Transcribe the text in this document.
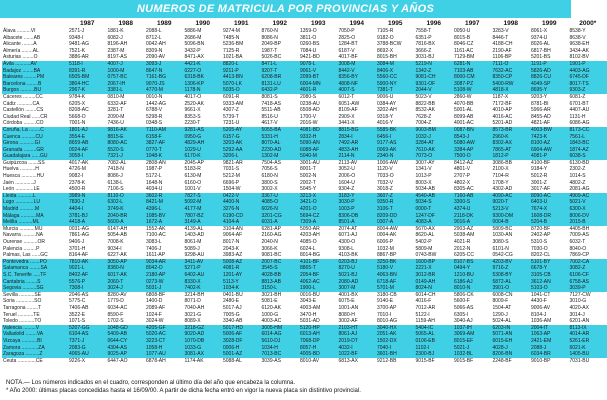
NUMEROS DE MATRICULA POR PROVINCIAS Y AÑOS
	1987	1988	1989	1990	1991	1992	1993	1994	1995	1996	1997	1998	1999	2000*
Álava ..........VI	2571-J	1881-K	2088-L	5886-M	9274-M	8760-N	1359-O	7050-P	7105-R	7558-T	0050-U	3283-V	8061-X	8538-Y
Albacete .......AB	9348-I	6082-J	8712-L	2686-M	7485-N	8086-N	3811-O	2825-O	9182-O	6351-P	8015-B	8446-T	9374-U	8638-V
Alicante ........A	9481-AG	8196-AH	0042-AH	5096-BN	5236-BM	2049-BP	0260-BS	1284-BT	3788-BCW	7816-BX	8046-CZ	4188-CH	8026-AL	9638-EH
Almería ........AL	7521-K	2387-M	8309-N	3432-P	7125-R	1987-T	7084-U	6187-V	8692-X	3666-Z	1161-AC	2190-AF	6817-BH	3434-AK
Asturias ........O	3886-AR	8197-AS	2090-AV	8471-AX	1021-BA	5026-BC	9421-BD	4017-BF	8015-BH	3031-BJ	7129-BM	1106-BP	5201-BS	8102-BV
Ávila ...........AV	5118-I	4007-J	3093-J	4421-K	8820-L	8471-L	9078-L	3008-M	3084-M	5219-N	6281-N	7111-O	1191-P	1901-P
Badajoz ........BA	8391-R	1000-M	8647-N	0227-O	9211-P	9207-T	9061-V	8442-V	8406-X	1342-Z	7103-AB	7632-AC	5826-AD	4403-AG
Baleares .........PM	6505-BM	0757-BC	7161-BG	6318-BK	4413-BN	6208-BR	2099-BT	8356-BY	5560-CC	9081-CH	8000-CM	8350-CP	8826-CU	6745-DF
Barcelona ........B	3804-HC	2067-IH	9070-JS	1306-KP	5070-LK	8131-LU	6004-MN	4808-NF	5900-NY	9301-OF	3087-PZ	5400-RW	4049-SP	8017-TS
Burgos ..........BU	2967-K	3381-L	4770-M	1178-N	5035-O	6432-P	4601-R	4007-S	7381-T	2044-V	5108-W	4818-X	8695-Y	9303-Z
Cáceres .........CC	9784-K	0810-M	0010-N	4017-O	6091-R	8081-S	2080-S	6012-T	9006-U	5023-V	2860-W	1187-X	9203-Y	6081-Z
Cádiz ...........CA	6205-X	6332-AF	1442-AG	2520-AK	9333-AM	7418-AS	0238-AU	6051-AW	0384-AY	8822-BB	4070-BB	7172-BF	8781-BI	6701-BT
Castellón ........CS	8208-AC	3281-T	6788-V	9661-X	4307-Z	5511-AB	6508-AD	8109-AF	3202-AH	8532-AK	5001-AL	4010-AP	5966-AR	4407-AU
Ciudad Real ......CR	5668-O	2090-M	5298-R	8353-S	5739-T	8516-U	1700-V	2909-X	9318-Y	7628-Z	8099-AB	4016-AC	8455-AD	1131-H
Córdoba .........CO	7001-N	7436-U	0348-S	2230-T	7231-U	4617-V	2016-W	3441-X	4016-Y	7004-Z	4001-AC	5201-AD	4821-AF	6086-AG
Coruña, La ........C	1801-AJ	9816-AK	7110-AM	9281-AS	5205-AY	5055-BA	4081-BD	8815-BG	5585-BK	9003-BM	0087-BN	8573-BR	4003-BW	8173-CC
Cuenca ..........CU	3554-E	8815-E	6158-F	0950-G	6157-G	5331-H	9332-H	2834-I	6456-I	1032-J	8543-J	2960-K	7423-K	7561-L
Girona ...........GI	8659-AB	8080-AC	3827-AF	4829-AH	3203-AK	8070-AL	5090-AN	7492-AR	9177-AS	3284-AT	5080-AW	8302-AX	8100-AZ	1843-BC
Granada .........GR	0024-AF	5520-S	0770-T	1029-U	5292-AA	2230-AD	6088-AF	4833-AH	0069-AK	7610-AK	3384-AP	7865-AT	6904-AW	1874-AZ
Guadalajara ......GU	3058-I	7321-J	1048-K	6170-K	3206-L	1302-M	5040-M	2114-N	2340-N	7073-O	7500-O	1812-P	4081-P	6038-S
Guipúzcoa .......SS	4017-AK	7082-AL	2808-AN	2045-AP	9821-AR	7504-AS	3001-AU	2113-AV	1006-AW	3007-AY	8412-AZ	3086-BB	4100-BF	6130-BD
Huelva ...........H	4726-M	7418-N	1987-P	5183-R	7031-S	7056-S	8001-T	3052-U	1120-V	1341-V	4801-V	2100-X	9184-Y	2302-Z
Huesca ...........HU	9082-I	8086-J	5172-L	6130-M	5212-M	6180-N	5002-N	2006-O	7033-O	1013-P	2707-P	7104-R	5012-R	1014-S
Jaén .............J	2378-K	6138-L	1648-N	6160-O	6696-P	3800-S	2002-T	1604-U	7032-V	8003-X	4802-X	1708-Y	3001-Z	4802-Z
León .............LE	4500-R	7106-S	4034-U	1001-V	1504-W	3002-X	5045-Y	9304-Z	3018-Z	5034-AB	8305-AC	4302-AD	3017-AF	2081-AG
Lleida ...........L	3989-N	8110-O	3602-R	7827-S	0422-V	3367-U	3213-X	3183-Y	3607-Z	4540-AB	7160-AB	4090-AC	8090-AC	4909-AC
Lugo .............LU	7830-J	6302-L	8421-M	5092-M	4400-N	4085-O	3421-O	3030-P	9350-R	5034-S	3300-S	9020-T	6403-U	5021-V
Madrid ...........M	4404-I	3749-K	4396-L	4177-M	3276-N	6026-N	4201-O	1003-P	3106-T	0000-T	4374-U	5213-V	7674-X	6300-X
Málaga ...........MA	3781-BJ	2040-BR	1085-BV	7807-BZ	6190-CD	3201-CG	5694-CZ	8306-DB	8209-DD	1247-DF	2118-DK	9300-DM	1608-DR	8006-DV
Melilla ..........ML	4418-A	5600-A	1672-A	3149-A	4104-A	6031-A	7309-A	8501-A	0307-A	4083-A	9016-A	0004-B	5204-B	2015-B
Murcia ...........MU	0031-AG	6147-AH	1552-AK	4139-AL	3104-AN	6281-AP	5050-AR	2074-AT	8004-AW	5670-AX	2903-AZ	5809-BC	8720-BF	4405-BH
Navarra ..........NA	7861-AG	5054-AB	7100-AC	1403-AD	9064-AF	2160-AG	4203-AH	6071-AJ	0004-AK	8620-AL	5038-AM	1030-AN	2402-AP	7009-AS
Ourense ..........OR	9406-J	7008-K	3083-L	8061-M	8017-N	2040-N	4085-O	4300-O	6006-P	5402-P	4021-R	3080-S	5310-S	6032-T
Palencia .........P	3701-H	9034-I	7406-J	5089-J	2043-K	3066-K	6024-L	9308-L	1032-M	5809-M	2012-N	6101-N	7030-O	8040-O
Palmas, Las ......GC	8164-AF	6227-AK	1611-AP	9298-AU	3983-AZ	9081-BC	8014-BG	4103-BK	8867-BP	0743-BW	6205-CC	0542-CG	8202-CL	7869-CP
Pontevedra .......PO	7810-AK	3050-AP	9034-AR	3411-AV	5008-AZ	2007-BC	4101-BF	0203-BJ	3250-BK	1600-BP	8107-BS	4203-BV	5101-BY	7002-CA
Salamanca ........SA	9021-L	8380-N	8042-O	5271-P	4081-R	3545-S	8865-T	8270-U	5180-V	2221-X	0494-Y	9716-Z	6678-Y	3082-Z
S.C. Tenerife .....TF	8402-AF	6017-AK	2180-AP	6402-AU	1201-AY	4028-BB	2054-BF	5021-BJ	4063-BN	3012-BR	1210-BU	5308-BY	3105-CB	6106-CF
Cantabria ........S	5576-P	2060-T	0273-W	8330-X	5113-Y	8813-AB	4062-AC	2080-AD	6718-AF	0149-AH	6186-AJ	5872-AL	3612-AN	6758-AS
Segovia ..........SG	7308-I	3024-J	5031-J	7402-K	1034-K	3150-L	1900-L	3007-M	5701-M	8024-N	8010-N	3901-O	5103-O	3039-P
Sevilla ...........SE	2046-AS	8280-AV	6808-BF	3214-BH	0401-BU	3021-BH	0016-BU	4001-BX	3180-CB	6014-CH	5806-CK	6008-CN	1041-CT	7127-CW
Soria .............SO	5775-C	1779-D	1400-D	8071-D	2480-E	5081-E	3043-E	6075-E	9140-E	4016-F	5600-F	8009-F	4430-F	3010-G
Tarragona ........T	7406-AB	6034-AC	2089-AF	7040-AH	5017-AJ	6120-AK	4003-AM	1001-AN	3700-AP	7012-AR	5066-AS	1504-AT	9006-AV	4020-AX
Teruel ...........TE	3522-E	8590-F	1024-F	3021-G	7005-G	1000-G	3470-H	8080-H	7010-I	5122-I	6305-I	1290-J	8104-J	3014-J
Toledo ...........TO	1071-S	1702-S	3024-W	8089-X	3340-AB	4003-AC	5031-AD	3002-AF	8010-AG	1159-AH	3040-AJ	5024-AL	1036-AM	6201-AN
Valencia .........V	5207-GG	1048-GD	4205-GF	3218-GZ	5017-HD	3005-HM	5120-HP	2103-HT	3040-HX	5404-IC	1037-IH	6203-IN	2004-IT	8113-IX
Valladolid ........VA	6104-AS	5409-AB	5020-AC	9020-AD	5006-AF	6014-AG	6013-AH	8061-AJ	2051-AK	5065-AL	3069-AM	5071-AN	1063-AP	4014-AR
Vizcaya ...........BI	7371-J	0644-CY	3223-CT	1070-DB	3028-DF	5610-DJ	7068-DP	2019-DT	1502-DX	0106-EB	8015-EF	6015-EH	2421-EM	5261-ER
Zamora ............ZA	2083-G	4304-AS	1058-H	1033-G	0006-H	1034-H	8057-H	4032-I	7040-I	1102-I	5021-J	4028-J	2088-J	6021-K
Zaragoza ..........Z	4065-AU	9025-AP	1077-AU	3081-AX	5001-AZ	7013-BC	4005-BD	1022-BF	3601-BH	2300-BJ	1032-BL	8206-BN	6034-BR	1405-BU
Ceuta .............CE	9226-X	6447-AO	6878-AH	1174-AK	5088-AL	3039-AS	8010-AV	6813-AX	9212-BB	9015-BF	9015-BF	2248-BF	9010-BP	7031-BU
NOTA.— Los números indicados en el cuadro, corresponden al último día del año que encabeza la columna.
* Año 2000: últimas placas concedidas hasta el 16/09/00. A partir de dicha fecha entró en vigor la nueva placa sin distintivo provincial.
